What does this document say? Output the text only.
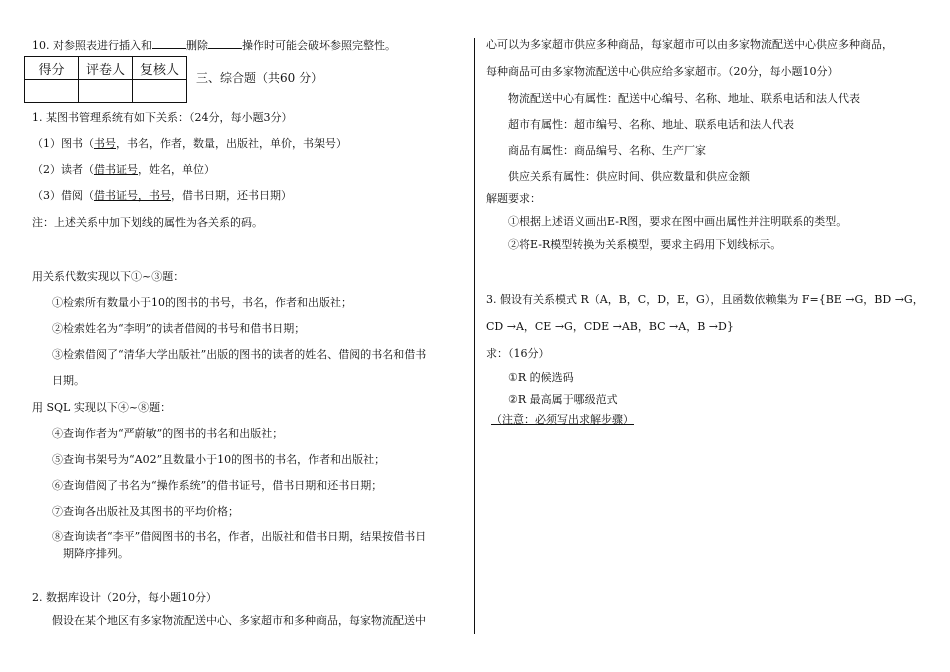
10. 对参照表进行插入和	删除	操作时可能会破坏参照完整性。
得分	评卷人	复核人

三、综合题（共60 分）
1. 某图书管理系统有如下关系：（24分，每小题3分）
（1）图书（书号，书名，作者，数量，出版社，单价，书架号）
（2）读者（借书证号，姓名，单位）
（3）借阅（借书证号，书号，借书日期，还书日期）
注：上述关系中加下划线的属性为各关系的码。
用关系代数实现以下①~③题：
①检索所有数量小于10的图书的书号，书名，作者和出版社；
②检索姓名为“李明”的读者借阅的书号和借书日期；
③检索借阅了“清华大学出版社”出版的图书的读者的姓名、借阅的书名和借书
日期。
用 SQL 实现以下④~⑧题：
④查询作者为“严蔚敏”的图书的书名和出版社；
⑤查询书架号为“A02”且数量小于10的图书的书名，作者和出版社；
⑥查询借阅了书名为“操作系统”的借书证号，借书日期和还书日期；
⑦查询各出版社及其图书的平均价格；
⑧查询读者“李平”借阅图书的书名，作者，出版社和借书日期，结果按借书日
期降序排列。
2. 数据库设计（20分，每小题10分）
假设在某个地区有多家物流配送中心、多家超市和多种商品，每家物流配送中
心可以为多家超市供应多种商品，每家超市可以由多家物流配送中心供应多种商品，
每种商品可由多家物流配送中心供应给多家超市。（20分，每小题10分）
物流配送中心有属性：配送中心编号、名称、地址、联系电话和法人代表
超市有属性：超市编号、名称、地址、联系电话和法人代表
商品有属性：商品编号、名称、生产厂家
供应关系有属性：供应时间、供应数量和供应金额
解题要求：
①根据上述语义画出E-R图，要求在图中画出属性并注明联系的类型。
②将E-R模型转换为关系模型，要求主码用下划线标示。
3. 假设有关系模式 R（A，B，C，D，E，G），且函数依赖集为 F={BE →G，BD →G，
CD →A，CE →G，CDE →AB，BC →A，B →D}
求：（16分）
①R 的候选码
②R 最高属于哪级范式
（注意：必须写出求解步骤）
